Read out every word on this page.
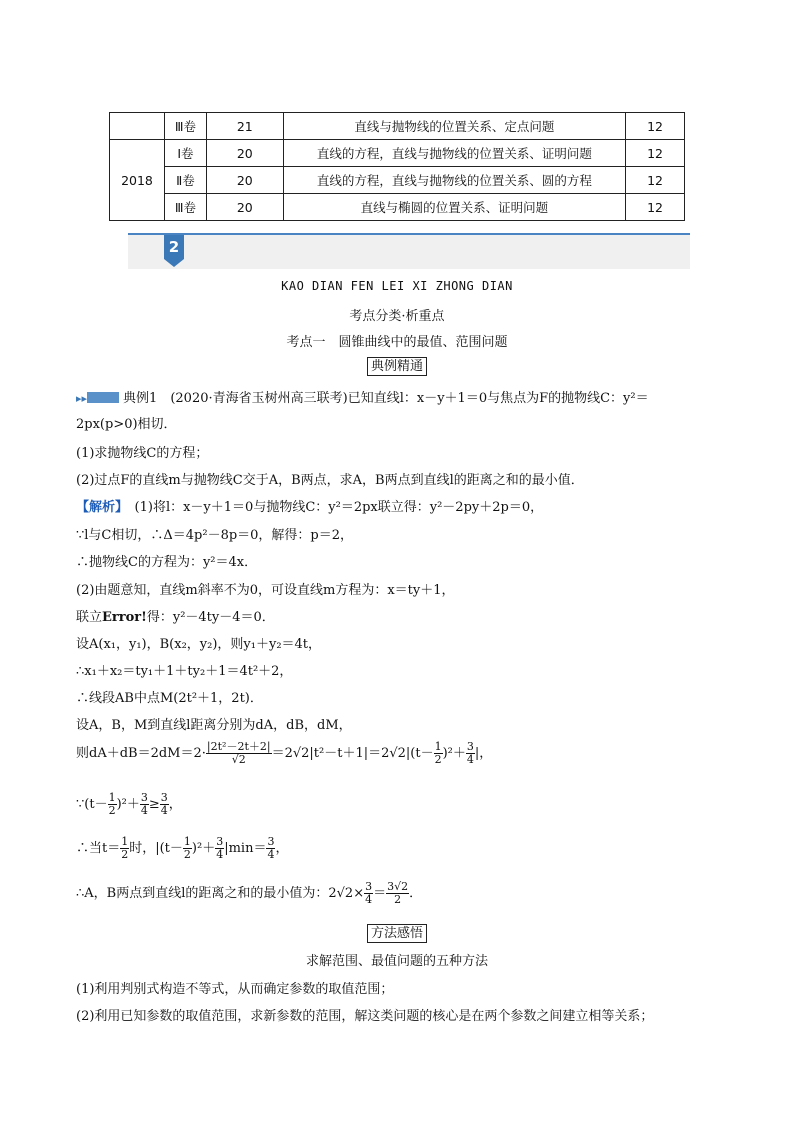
	Ⅲ卷	21	直线与抛物线的位置关系、定点问题	12
2018	Ⅰ卷	20	直线的方程，直线与抛物线的位置关系、证明问题	12
	Ⅱ卷	20	直线的方程，直线与抛物线的位置关系、圆的方程	12
	Ⅲ卷	20	直线与椭圆的位置关系、证明问题	12
2
KAO DIAN FEN LEI XI ZHONG DIAN
考点分类·析重点
考点一　圆锥曲线中的最值、范围问题
典例精通
▸▸	典例1　 (2020·青海省玉树州高三联考)已知直线l：x－y＋1＝0与焦点为F的抛物线C：y²＝
2px(p>0)相切．
(1)求抛物线C的方程；
(2)过点F的直线m与抛物线C交于A，B两点，求A，B两点到直线l的距离之和的最小值．
【解析】　 (1)将l：x－y＋1＝0与抛物线C：y²＝2px联立得：y²－2py＋2p＝0，
∵l与C相切，∴Δ＝4p²－8p＝0，解得：p＝2，
∴抛物线C的方程为：y²＝4x．
(2)由题意知，直线m斜率不为0，可设直线m方程为：x＝ty＋1，
联立Error!得：y²－4ty－4＝0．
设A(x₁，y₁)，B(x₂，y₂)，则y₁＋y₂＝4t，
∴x₁＋x₂＝ty₁＋1＋ty₂＋1＝4t²＋2，
∴线段AB中点M(2t²＋1，2t)．
设A，B，M到直线l距离分别为dA，dB，dM，
则$dA+dB=2dM=2\cdot \frac{\text{|2t²－2t＋2|}}{√2} =2√2|t^2-t+1|=2√2|(t- \frac{1}{2} )^2+ \frac{3}{4}$ |，
∵(t－ $\frac{1}{2} )^2+ \frac{3}{4} \ge \frac{3}{4}$ ，
∴当$t= \frac{1}{2}$ 时，$|(t- \frac{1}{2} )^2+ \frac{3}{4} |\min= \frac{3}{4}$ ，
∴A，B两点到直线l的距离之和的最小值为：$2√2\times \frac{3}{4} = \frac{3√2}{2}$ ．
方法感悟
求解范围、最值问题的五种方法
(1)利用判别式构造不等式，从而确定参数的取值范围；
(2)利用已知参数的取值范围，求新参数的范围，解这类问题的核心是在两个参数之间建立相等关系；
